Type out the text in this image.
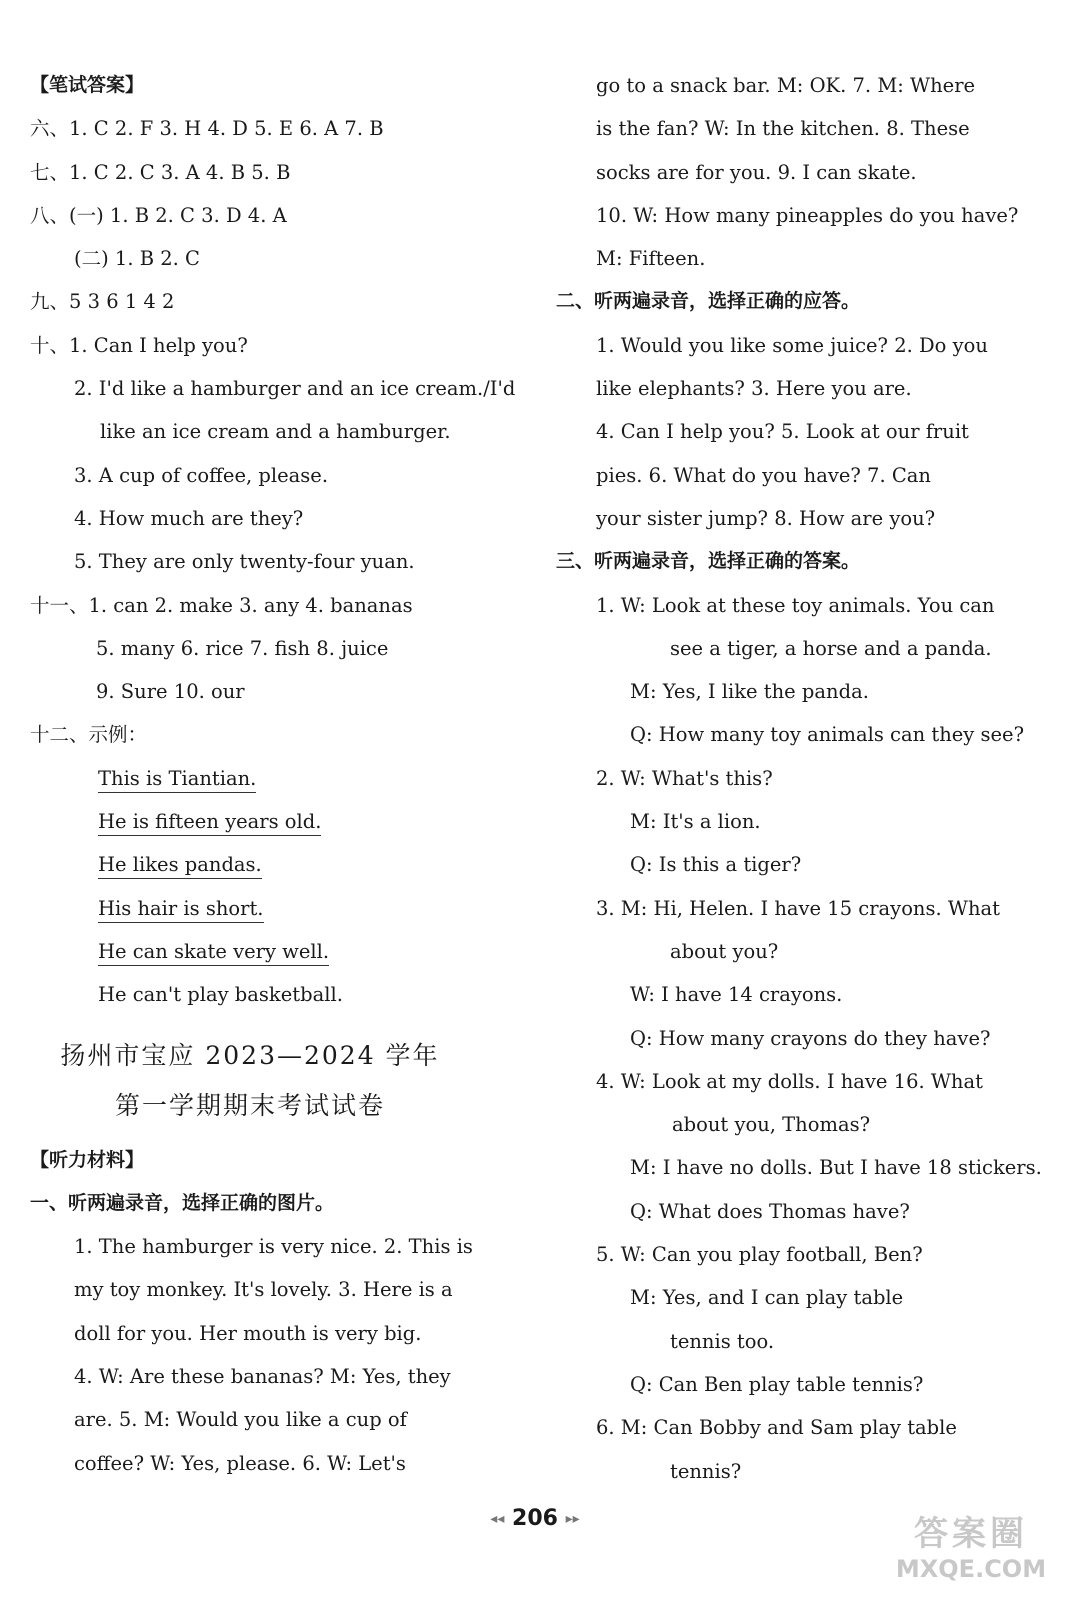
【笔试答案】
六、1. C 2. F 3. H 4. D 5. E 6. A 7. B
七、1. C 2. C 3. A 4. B 5. B
八、(一) 1. B 2. C 3. D 4. A
(二) 1. B 2. C
九、5 3 6 1 4 2
十、1. Can I help you?
2. I'd like a hamburger and an ice cream./I'd
like an ice cream and a hamburger.
3. A cup of coffee, please.
4. How much are they?
5. They are only twenty-four yuan.
十一、1. can 2. make 3. any 4. bananas
5. many 6. rice 7. fish 8. juice
9. Sure 10. our
十二、示例：
This is Tiantian.
He is fifteen years old.
He likes pandas.
His hair is short.
He can skate very well.
He can't play basketball.
扬州市宝应 2023—2024 学年
第一学期期末考试试卷
【听力材料】
一、听两遍录音，选择正确的图片。
1. The hamburger is very nice. 2. This is
my toy monkey. It's lovely. 3. Here is a
doll for you. Her mouth is very big.
4. W: Are these bananas? M: Yes, they
are. 5. M: Would you like a cup of
coffee? W: Yes, please. 6. W: Let's
go to a snack bar. M: OK. 7. M: Where
is the fan? W: In the kitchen. 8. These
socks are for you. 9. I can skate.
10. W: How many pineapples do you have?
M: Fifteen.
二、听两遍录音，选择正确的应答。
1. Would you like some juice? 2. Do you
like elephants? 3. Here you are.
4. Can I help you? 5. Look at our fruit
pies. 6. What do you have? 7. Can
your sister jump? 8. How are you?
三、听两遍录音，选择正确的答案。
1. W: Look at these toy animals. You can
see a tiger, a horse and a panda.
M: Yes, I like the panda.
Q: How many toy animals can they see?
2. W: What's this?
M: It's a lion.
Q: Is this a tiger?
3. M: Hi, Helen. I have 15 crayons. What
about you?
W: I have 14 crayons.
Q: How many crayons do they have?
4. W: Look at my dolls. I have 16. What
about you, Thomas?
M: I have no dolls. But I have 18 stickers.
Q: What does Thomas have?
5. W: Can you play football, Ben?
M: Yes, and I can play table
tennis too.
Q: Can Ben play table tennis?
6. M: Can Bobby and Sam play table
tennis?
◂◂ 206 ▸▸	答案圈
MXQE.COM
